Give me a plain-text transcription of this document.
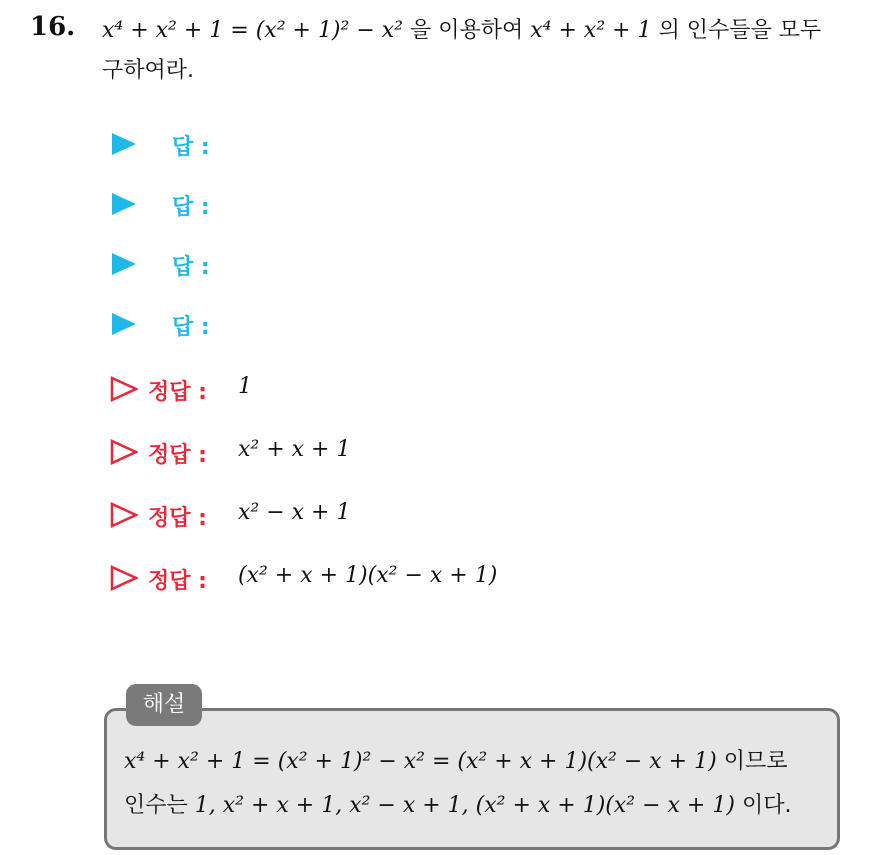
16. x⁴ + x² + 1 = (x² + 1)² − x² 을 이용하여 x⁴ + x² + 1 의 인수들을 모두
구하여라.
답 :
답 :
답 :
답 :
정답 : 1
정답 : x² + x + 1
정답 : x² − x + 1
정답 : (x² + x + 1)(x² − x + 1)
해설
x⁴ + x² + 1 = (x² + 1)² − x² = (x² + x + 1)(x² − x + 1) 이므로
인수는 1, x² + x + 1, x² − x + 1, (x² + x + 1)(x² − x + 1) 이다.
